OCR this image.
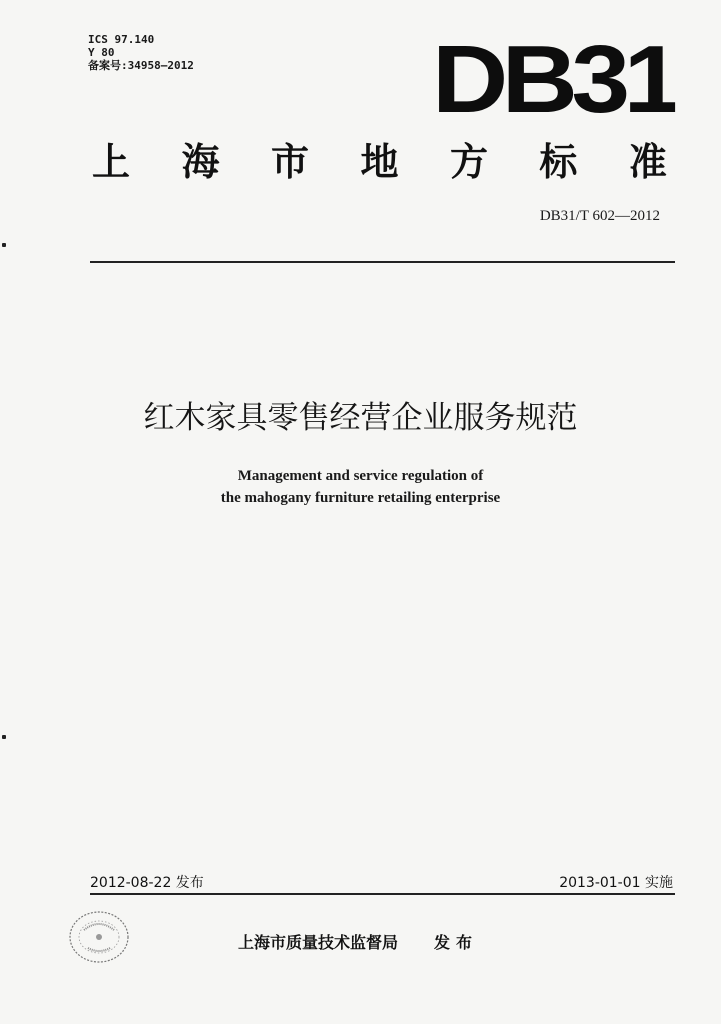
ICS 97.140
Y 80
备案号:34958—2012 DB31
上 海 市 地 方 标 准
DB31/T 602—2012
红木家具零售经营企业服务规范
Management and service regulation of
the mahogany furniture retailing enterprise
2012-08-22 发布	2013-01-01 实施
上海市质量技术监督局 发布
